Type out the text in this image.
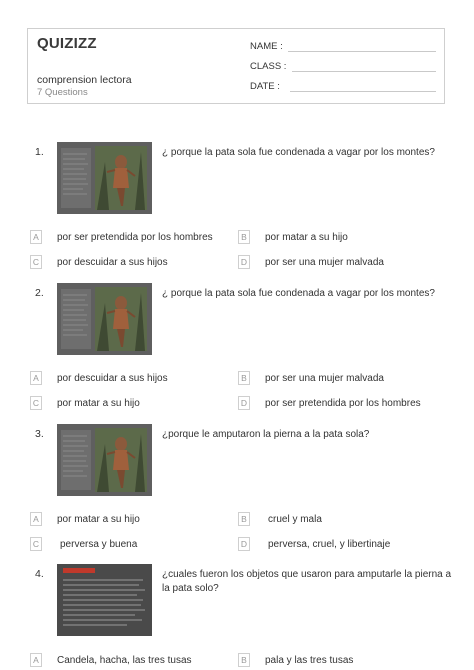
QUIZIZZ
comprension lectora
7 Questions
NAME :
CLASS :
DATE :
1.	¿ porque la pata sola fue condenada a vagar por los montes?
A	por ser pretendida por los hombres	B	por matar a su hijo
C por descuidar a sus hijos	D por ser una mujer malvada
2.	¿ porque la pata sola fue condenada a vagar por los montes?
A	por descuidar a sus hijos	B	por ser una mujer malvada
C por matar a su hijo	D por ser pretendida por los hombres
3.	¿porque le amputaron la pierna a la pata sola?
A	por matar a su hijo	B	cruel y mala
C perversa y buena	D perversa, cruel, y libertinaje
4.	¿cuales fueron los objetos que usaron para amputarle la pierna a la pata solo?
A	Candela, hacha, las tres tusas	B	pala y las tres tusas
